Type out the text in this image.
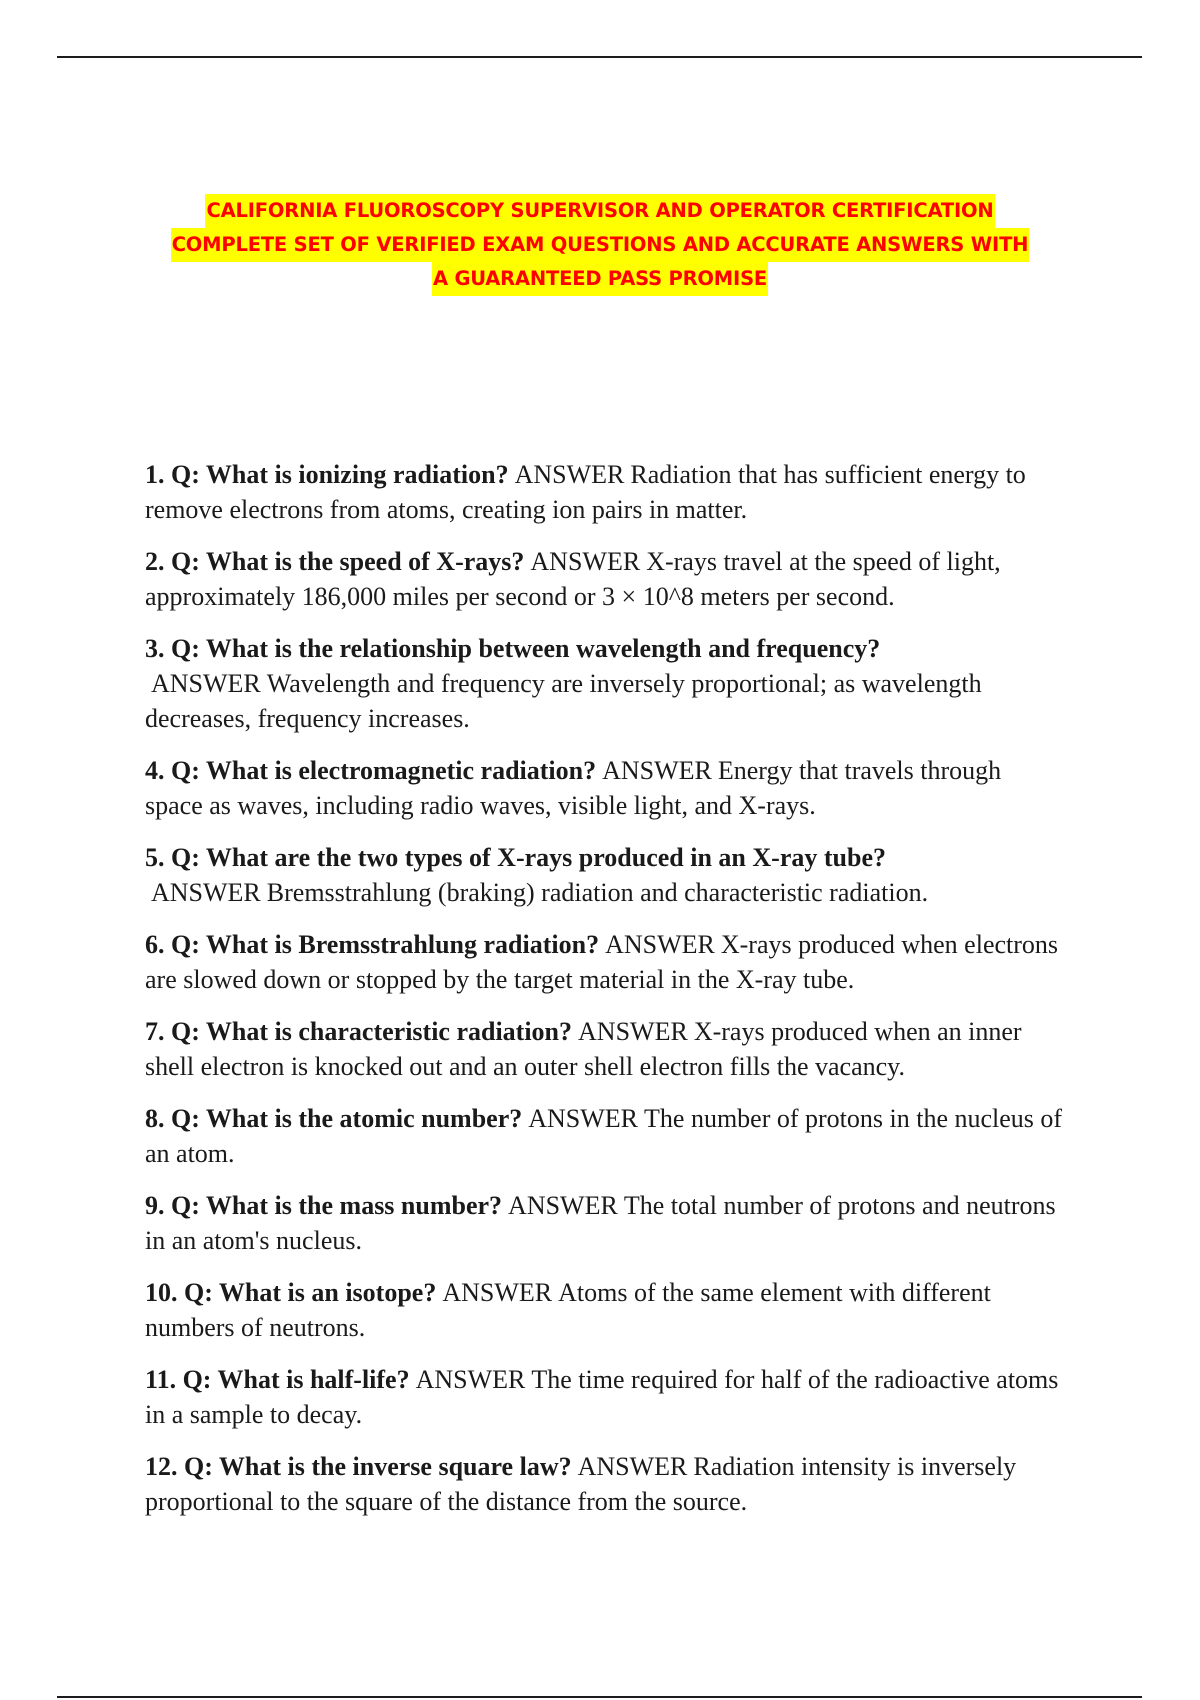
CALIFORNIA FLUOROSCOPY SUPERVISOR AND OPERATOR CERTIFICATION
COMPLETE SET OF VERIFIED EXAM QUESTIONS AND ACCURATE ANSWERS WITH
A GUARANTEED PASS PROMISE
1. Q: What is ionizing radiation? ANSWER Radiation that has sufficient energy to remove electrons from atoms, creating ion pairs in matter.
2. Q: What is the speed of X-rays? ANSWER X-rays travel at the speed of light, approximately 186,000 miles per second or 3 × 10^8 meters per second.
3. Q: What is the relationship between wavelength and frequency?ANSWER Wavelength and frequency are inversely proportional; as wavelength decreases, frequency increases.
4. Q: What is electromagnetic radiation? ANSWER Energy that travels through space as waves, including radio waves, visible light, and X-rays.
5. Q: What are the two types of X-rays produced in an X-ray tube?ANSWER Bremsstrahlung (braking) radiation and characteristic radiation.
6. Q: What is Bremsstrahlung radiation? ANSWER X-rays produced when electrons are slowed down or stopped by the target material in the X-ray tube.
7. Q: What is characteristic radiation? ANSWER X-rays produced when an inner shell electron is knocked out and an outer shell electron fills the vacancy.
8. Q: What is the atomic number? ANSWER The number of protons in the nucleus of an atom.
9. Q: What is the mass number? ANSWER The total number of protons and neutrons in an atom's nucleus.
10. Q: What is an isotope? ANSWER Atoms of the same element with different numbers of neutrons.
11. Q: What is half-life? ANSWER The time required for half of the radioactive atoms in a sample to decay.
12. Q: What is the inverse square law? ANSWER Radiation intensity is inversely proportional to the square of the distance from the source.
